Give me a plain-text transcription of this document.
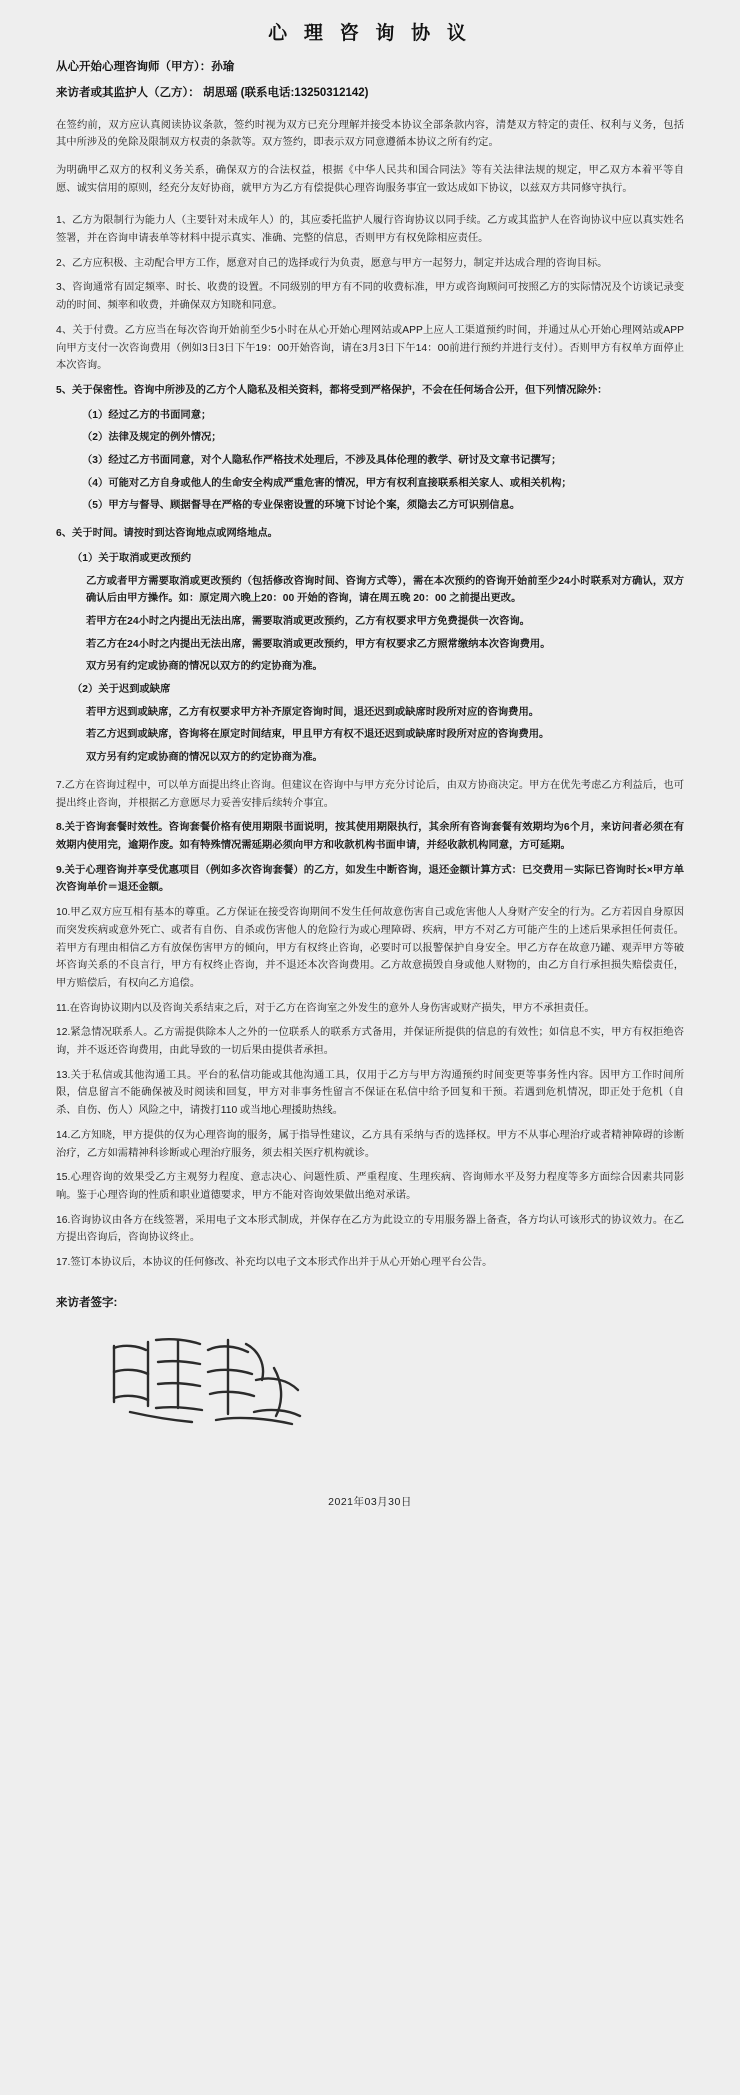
心 理 咨 询 协 议
从心开始心理咨询师（甲方）：孙瑜
来访者或其监护人（乙方）： 胡思瑶 (联系电话:13250312142)
在签约前，双方应认真阅读协议条款，签约时视为双方已充分理解并接受本协议全部条款内容，清楚双方特定的责任、权利与义务，包括其中所涉及的免除及限制双方权责的条款等。双方签约，即表示双方同意遵循本协议之所有约定。
为明确甲乙双方的权利义务关系，确保双方的合法权益，根据《中华人民共和国合同法》等有关法律法规的规定，甲乙双方本着平等自愿、诚实信用的原则，经充分友好协商，就甲方为乙方有偿提供心理咨询服务事宜一致达成如下协议，以兹双方共同修守执行。
1、乙方为限制行为能力人（主要针对未成年人）的，其应委托监护人履行咨询协议以同手续。乙方或其监护人在咨询协议中应以真实姓名签署，并在咨询申请表单等材料中提示真实、准确、完整的信息，否则甲方有权免除相应责任。
2、乙方应积极、主动配合甲方工作，愿意对自己的选择或行为负责，愿意与甲方一起努力，制定并达成合理的咨询目标。
3、咨询通常有固定频率、时长、收费的设置。不同级别的甲方有不同的收费标准，甲方或咨询顾问可按照乙方的实际情况及个访谈记录变动的时间、频率和收费，并确保双方知晓和同意。
4、关于付费。乙方应当在每次咨询开始前至少5小时在从心开始心理网站或APP上应人工渠道预约时间，并通过从心开始心理网站或APP向甲方支付一次咨询费用（例如3日3日下午19：00开始咨询，请在3月3日下午14：00前进行预约并进行支付）。否则甲方有权单方面停止本次咨询。
5、关于保密性。咨询中所涉及的乙方个人隐私及相关资料，都将受到严格保护，不会在任何场合公开，但下列情况除外：
（1）经过乙方的书面同意；
（2）法律及规定的例外情况；
（3）经过乙方书面同意，对个人隐私作严格技术处理后，不涉及具体伦理的教学、研讨及文章书记撰写；
（4）可能对乙方自身或他人的生命安全构成严重危害的情况，甲方有权利直接联系相关家人、或相关机构；
（5）甲方与督导、顾据督导在严格的专业保密设置的环境下讨论个案，须隐去乙方可识别信息。
6、关于时间。请按时到达咨询地点或网络地点。
（1）关于取消或更改预约
乙方或者甲方需要取消或更改预约（包括修改咨询时间、咨询方式等），需在本次预约的咨询开始前至少24小时联系对方确认，双方确认后由甲方操作。如：原定周六晚上20：00 开始的咨询，请在周五晚 20：00 之前提出更改。
若甲方在24小时之内提出无法出席，需要取消或更改预约，乙方有权要求甲方免费提供一次咨询。
若乙方在24小时之内提出无法出席，需要取消或更改预约，甲方有权要求乙方照常缴纳本次咨询费用。
双方另有约定或协商的情况以双方的约定协商为准。
（2）关于迟到或缺席
若甲方迟到或缺席，乙方有权要求甲方补齐原定咨询时间，退还迟到或缺席时段所对应的咨询费用。
若乙方迟到或缺席，咨询将在原定时间结束，甲且甲方有权不退还迟到或缺席时段所对应的咨询费用。
双方另有约定或协商的情况以双方的约定协商为准。
7.乙方在咨询过程中，可以单方面提出终止咨询。但建议在咨询中与甲方充分讨论后，由双方协商决定。甲方在优先考虑乙方利益后，也可提出终止咨询，并根据乙方意愿尽力妥善安排后续转介事宜。
8.关于咨询套餐时效性。咨询套餐价格有使用期限书面说明，按其使用期限执行，其余所有咨询套餐有效期均为6个月，来访问者必须在有效期内使用完，逾期作废。如有特殊情况需延期必须向甲方和收款机构书面申请，并经收款机构同意，方可延期。
9.关于心理咨询并享受优惠项目（例如多次咨询套餐）的乙方，如发生中断咨询，退还金额计算方式：已交费用－实际已咨询时长×甲方单次咨询单价＝退还金额。
10.甲乙双方应互相有基本的尊重。乙方保证在接受咨询期间不发生任何故意伤害自己或危害他人人身财产安全的行为。乙方若因自身原因而突发疾病或意外死亡、或者有自伤、自杀或伤害他人的危险行为或心理障碍、疾病，甲方不对乙方可能产生的上述后果承担任何责任。若甲方有理由相信乙方有放保伤害甲方的倾向，甲方有权终止咨询，必要时可以报警保护自身安全。甲乙方存在故意乃罐、观弄甲方等破坏咨询关系的不良言行，甲方有权终止咨询，并不退还本次咨询费用。乙方故意损毁自身或他人财物的，由乙方自行承担损失赔偿责任，甲方赔偿后，有权向乙方追偿。
11.在咨询协议期内以及咨询关系结束之后，对于乙方在咨询室之外发生的意外人身伤害或财产损失，甲方不承担责任。
12.紧急情况联系人。乙方需提供除本人之外的一位联系人的联系方式备用，并保证所提供的信息的有效性；如信息不实，甲方有权拒绝咨询，并不返还咨询费用，由此导致的一切后果由提供者承担。
13.关于私信或其他沟通工具。平台的私信功能或其他沟通工具，仅用于乙方与甲方沟通预约时间变更等事务性内容。因甲方工作时间所限，信息留言不能确保被及时阅读和回复，甲方对非事务性留言不保证在私信中给予回复和干预。若遇到危机情况，即正处于危机（自杀、自伤、伤人）风险之中，请拨打110 或当地心理援助热线。
14.乙方知晓，甲方提供的仅为心理咨询的服务，属于指导性建议，乙方具有采纳与否的选择权。甲方不从事心理治疗或者精神障碍的诊断治疗，乙方如需精神科诊断或心理治疗服务，须去相关医疗机构就诊。
15.心理咨询的效果受乙方主观努力程度、意志决心、问题性质、严重程度、生理疾病、咨询师水平及努力程度等多方面综合因素共同影响。鉴于心理咨询的性质和职业道德要求，甲方不能对咨询效果做出绝对承诺。
16.咨询协议由各方在线签署，采用电子文本形式制成，并保存在乙方为此设立的专用服务器上备查，各方均认可该形式的协议效力。在乙方提出咨询后，咨询协议终止。
17.签订本协议后，本协议的任何修改、补充均以电子文本形式作出并于从心开始心理平台公告。
来访者签字:
2021年03月30日
